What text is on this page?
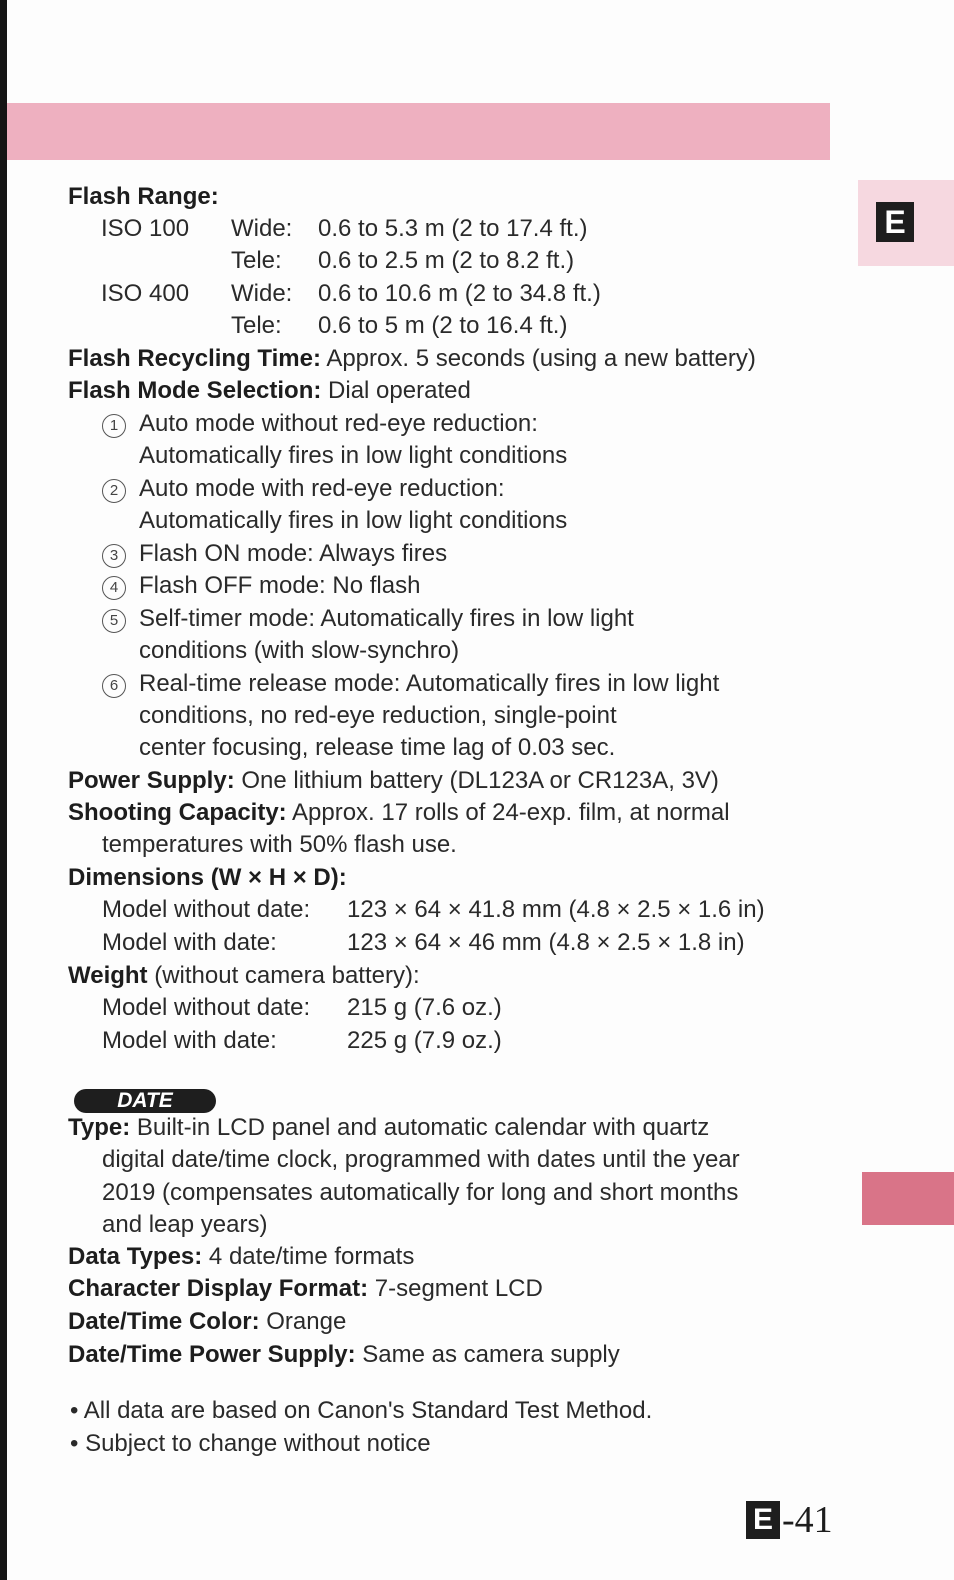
E
Flash Range:
ISO 100 Wide: 0.6 to 5.3 m (2 to 17.4 ft.)
Tele: 0.6 to 2.5 m (2 to 8.2 ft.)
ISO 400 Wide: 0.6 to 10.6 m (2 to 34.8 ft.)
Tele: 0.6 to 5 m (2 to 16.4 ft.)
Flash Recycling Time: Approx. 5 seconds (using a new battery)
Flash Mode Selection: Dial operated
1 Auto mode without red-eye reduction:
Automatically fires in low light conditions
2 Auto mode with red-eye reduction:
Automatically fires in low light conditions
3 Flash ON mode: Always fires
4 Flash OFF mode: No flash
5 Self-timer mode: Automatically fires in low light
conditions (with slow-synchro)
6 Real-time release mode: Automatically fires in low light
conditions, no red-eye reduction, single-point
center focusing, release time lag of 0.03 sec.
Power Supply: One lithium battery (DL123A or CR123A, 3V)
Shooting Capacity: Approx. 17 rolls of 24-exp. film, at normal
temperatures with 50% flash use.
Dimensions (W × H × D):
Model without date: 123 × 64 × 41.8 mm (4.8 × 2.5 × 1.6 in)
Model with date:	123 × 64 × 46 mm (4.8 × 2.5 × 1.8 in)
Weight (without camera battery):
Model without date: 215 g (7.6 oz.)
Model with date:	225 g (7.9 oz.)
DATE
Type: Built-in LCD panel and automatic calendar with quartz
digital date/time clock, programmed with dates until the year
2019 (compensates automatically for long and short months
and leap years)
Data Types: 4 date/time formats
Character Display Format: 7-segment LCD
Date/Time Color: Orange
Date/Time Power Supply: Same as camera supply
• All data are based on Canon's Standard Test Method.
• Subject to change without notice
E -41
